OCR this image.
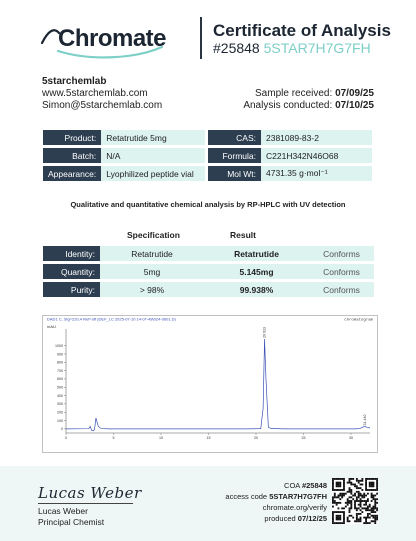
Chromate	Certificate of Analysis
#25848 5STAR7H7G7FH
5starchemlab
www.5starchemlab.com
Simon@5starchemlab.com
Sample received: 07/09/25
Analysis conducted: 07/10/25
Product:	Retatrutide 5mg
Batch:	N/A
Appearance:	Lyophilized peptide vial
CAS:	2381089-83-2
Formula:	C221H342N46O68
Mol Wt:	4731.35 g·mol⁻¹
Qualitative and quantitative chemical analysis by RP-HPLC with UV detection
Specification	Result
Identity:	Retatrutide	Retatrutide	Conforms
Quantity:	5mg	5.145mg	Conforms
Purity:	> 98%	99.938%	Conforms
DAD1 C, Sig=220,4 Ref=off (DEF_LC 2025-07-10 14-07-48\024-0601.D)	chromatogram
mAU
0
100
200
300
400
500
600
700
800
900
1000
0	5	10	15	20	25	30
20.913
31.440
Lucas Weber
Lucas Weber
Principal Chemist
COA #25848
access code 5STAR7H7G7FH
chromate.org/verify
produced 07/12/25
